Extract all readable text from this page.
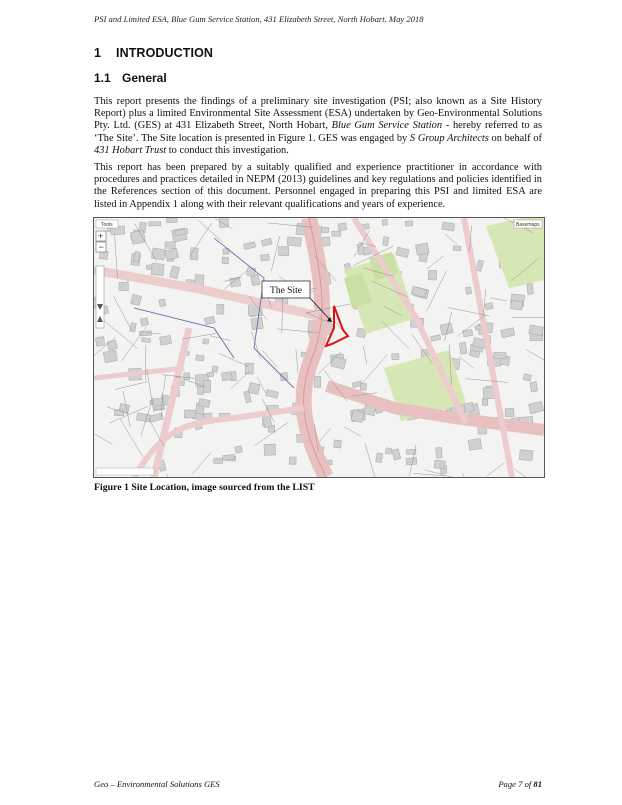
PSI and Limited ESA, Blue Gum Service Station, 431 Elizabeth Street, North Hobart. May 2018
1 INTRODUCTION
1.1 General

This report presents the findings of a preliminary site investigation (PSI; also known as a Site History Report) plus a limited Environmental Site Assessment (ESA) undertaken by Geo-Environmental Solutions Pty. Ltd. (GES) at 431 Elizabeth Street, North Hobart, Blue Gum Service Station - hereby referred to as ‘The Site’. The Site location is presented in Figure 1. GES was engaged by S Group Architects on behalf of 431 Hobart Trust to conduct this investigation.

This report has been prepared by a suitably qualified and experience practitioner in accordance with procedures and practices detailed in NEPM (2013) guidelines and key regulations and policies identified in the References section of this document. Personnel engaged in preparing this PSI and limited ESA are listed in Appendix 1 along with their relevant qualifications and years of experience.

The Site
Tools	Basemaps
+
−
Figure 1 Site Location, image sourced from the LIST
Geo – Environmental Solutions GES	Page 7 of 81
